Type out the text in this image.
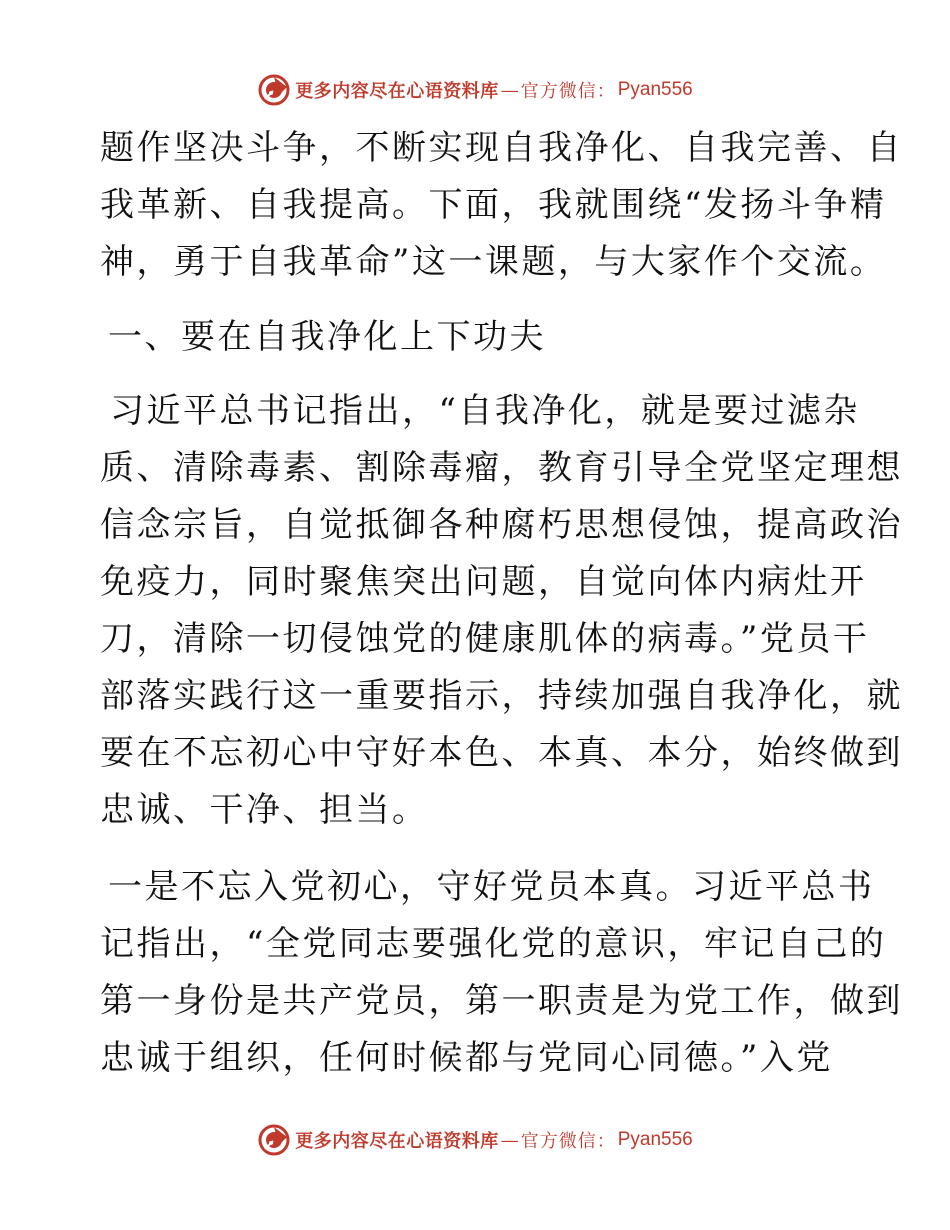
更多内容尽在心语资料库 — 官方微信： Pyan556
题作坚决斗争，不断实现自我净化、自我完善、自
我革新、自我提高。下面，我就围绕“发扬斗争精
神，勇于自我革命”这一课题，与大家作个交流。
一、要在自我净化上下功夫
习近平总书记指出，“自我净化，就是要过滤杂
质、清除毒素、割除毒瘤，教育引导全党坚定理想
信念宗旨，自觉抵御各种腐朽思想侵蚀，提高政治
免疫力，同时聚焦突出问题，自觉向体内病灶开
刀，清除一切侵蚀党的健康肌体的病毒。”党员干
部落实践行这一重要指示，持续加强自我净化，就
要在不忘初心中守好本色、本真、本分，始终做到
忠诚、干净、担当。
一是不忘入党初心，守好党员本真。习近平总书
记指出，“全党同志要强化党的意识，牢记自己的
第一身份是共产党员，第一职责是为党工作，做到
忠诚于组织，任何时候都与党同心同德。”入党
更多内容尽在心语资料库 — 官方微信： Pyan556
